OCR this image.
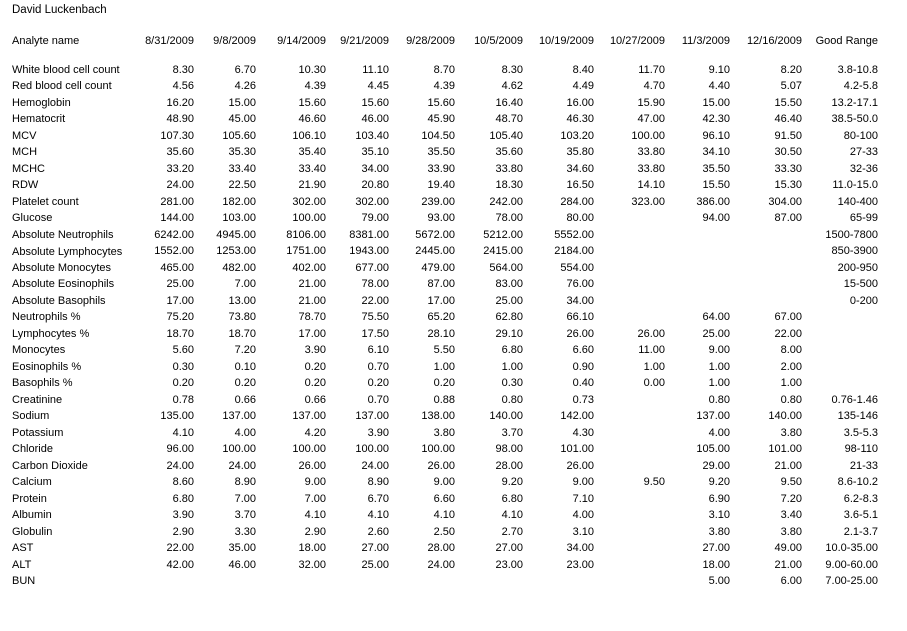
David Luckenbach
Analyte name	8/31/2009	9/8/2009	9/14/2009	9/21/2009	9/28/2009	10/5/2009	10/19/2009	10/27/2009	11/3/2009	12/16/2009	Good Range

White blood cell count	8.30	6.70	10.30	11.10	8.70	8.30	8.40	11.70	9.10	8.20	3.8-10.8
Red blood cell count	4.56	4.26	4.39	4.45	4.39	4.62	4.49	4.70	4.40	5.07	4.2-5.8
Hemoglobin	16.20	15.00	15.60	15.60	15.60	16.40	16.00	15.90	15.00	15.50	13.2-17.1
Hematocrit	48.90	45.00	46.60	46.00	45.90	48.70	46.30	47.00	42.30	46.40	38.5-50.0
MCV	107.30	105.60	106.10	103.40	104.50	105.40	103.20	100.00	96.10	91.50	80-100
MCH	35.60	35.30	35.40	35.10	35.50	35.60	35.80	33.80	34.10	30.50	27-33
MCHC	33.20	33.40	33.40	34.00	33.90	33.80	34.60	33.80	35.50	33.30	32-36
RDW	24.00	22.50	21.90	20.80	19.40	18.30	16.50	14.10	15.50	15.30	11.0-15.0
Platelet count	281.00	182.00	302.00	302.00	239.00	242.00	284.00	323.00	386.00	304.00	140-400
Glucose	144.00	103.00	100.00	79.00	93.00	78.00	80.00		94.00	87.00	65-99
Absolute Neutrophils	6242.00	4945.00	8106.00	8381.00	5672.00	5212.00	5552.00				1500-7800
Absolute Lymphocytes	1552.00	1253.00	1751.00	1943.00	2445.00	2415.00	2184.00				850-3900
Absolute Monocytes	465.00	482.00	402.00	677.00	479.00	564.00	554.00				200-950
Absolute Eosinophils	25.00	7.00	21.00	78.00	87.00	83.00	76.00				15-500
Absolute Basophils	17.00	13.00	21.00	22.00	17.00	25.00	34.00				0-200
Neutrophils %	75.20	73.80	78.70	75.50	65.20	62.80	66.10		64.00	67.00	
Lymphocytes %	18.70	18.70	17.00	17.50	28.10	29.10	26.00	26.00	25.00	22.00	
Monocytes	5.60	7.20	3.90	6.10	5.50	6.80	6.60	11.00	9.00	8.00	
Eosinophils %	0.30	0.10	0.20	0.70	1.00	1.00	0.90	1.00	1.00	2.00	
Basophils %	0.20	0.20	0.20	0.20	0.20	0.30	0.40	0.00	1.00	1.00	
Creatinine	0.78	0.66	0.66	0.70	0.88	0.80	0.73		0.80	0.80	0.76-1.46
Sodium	135.00	137.00	137.00	137.00	138.00	140.00	142.00		137.00	140.00	135-146
Potassium	4.10	4.00	4.20	3.90	3.80	3.70	4.30		4.00	3.80	3.5-5.3
Chloride	96.00	100.00	100.00	100.00	100.00	98.00	101.00		105.00	101.00	98-110
Carbon Dioxide	24.00	24.00	26.00	24.00	26.00	28.00	26.00		29.00	21.00	21-33
Calcium	8.60	8.90	9.00	8.90	9.00	9.20	9.00	9.50	9.20	9.50	8.6-10.2
Protein	6.80	7.00	7.00	6.70	6.60	6.80	7.10		6.90	7.20	6.2-8.3
Albumin	3.90	3.70	4.10	4.10	4.10	4.10	4.00		3.10	3.40	3.6-5.1
Globulin	2.90	3.30	2.90	2.60	2.50	2.70	3.10		3.80	3.80	2.1-3.7
AST	22.00	35.00	18.00	27.00	28.00	27.00	34.00		27.00	49.00	10.0-35.00
ALT	42.00	46.00	32.00	25.00	24.00	23.00	23.00		18.00	21.00	9.00-60.00
BUN									5.00	6.00	7.00-25.00
